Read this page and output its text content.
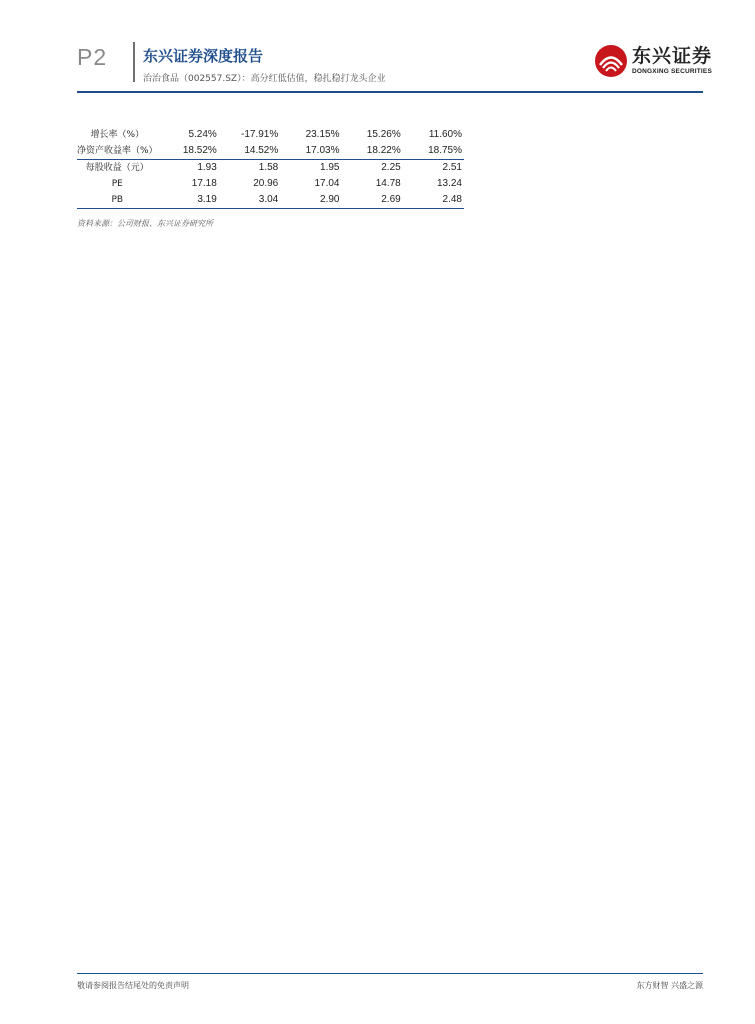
P2 东兴证券深度报告
治治食品（002557.SZ）：高分红低估值，稳扎稳打龙头企业
东兴证券
DONGXING SECURITIES
增长率（%）	5.24%	-17.91%	23.15%	15.26%	11.60%
净资产收益率（%）	18.52%	14.52%	17.03%	18.22%	18.75%
每股收益（元）	1.93	1.58	1.95	2.25	2.51
PE	17.18	20.96	17.04	14.78	13.24
PB	3.19	3.04	2.90	2.69	2.48
资料来源：公司财报、东兴证券研究所
敬请参阅报告结尾处的免责声明	东方财智 兴盛之源
